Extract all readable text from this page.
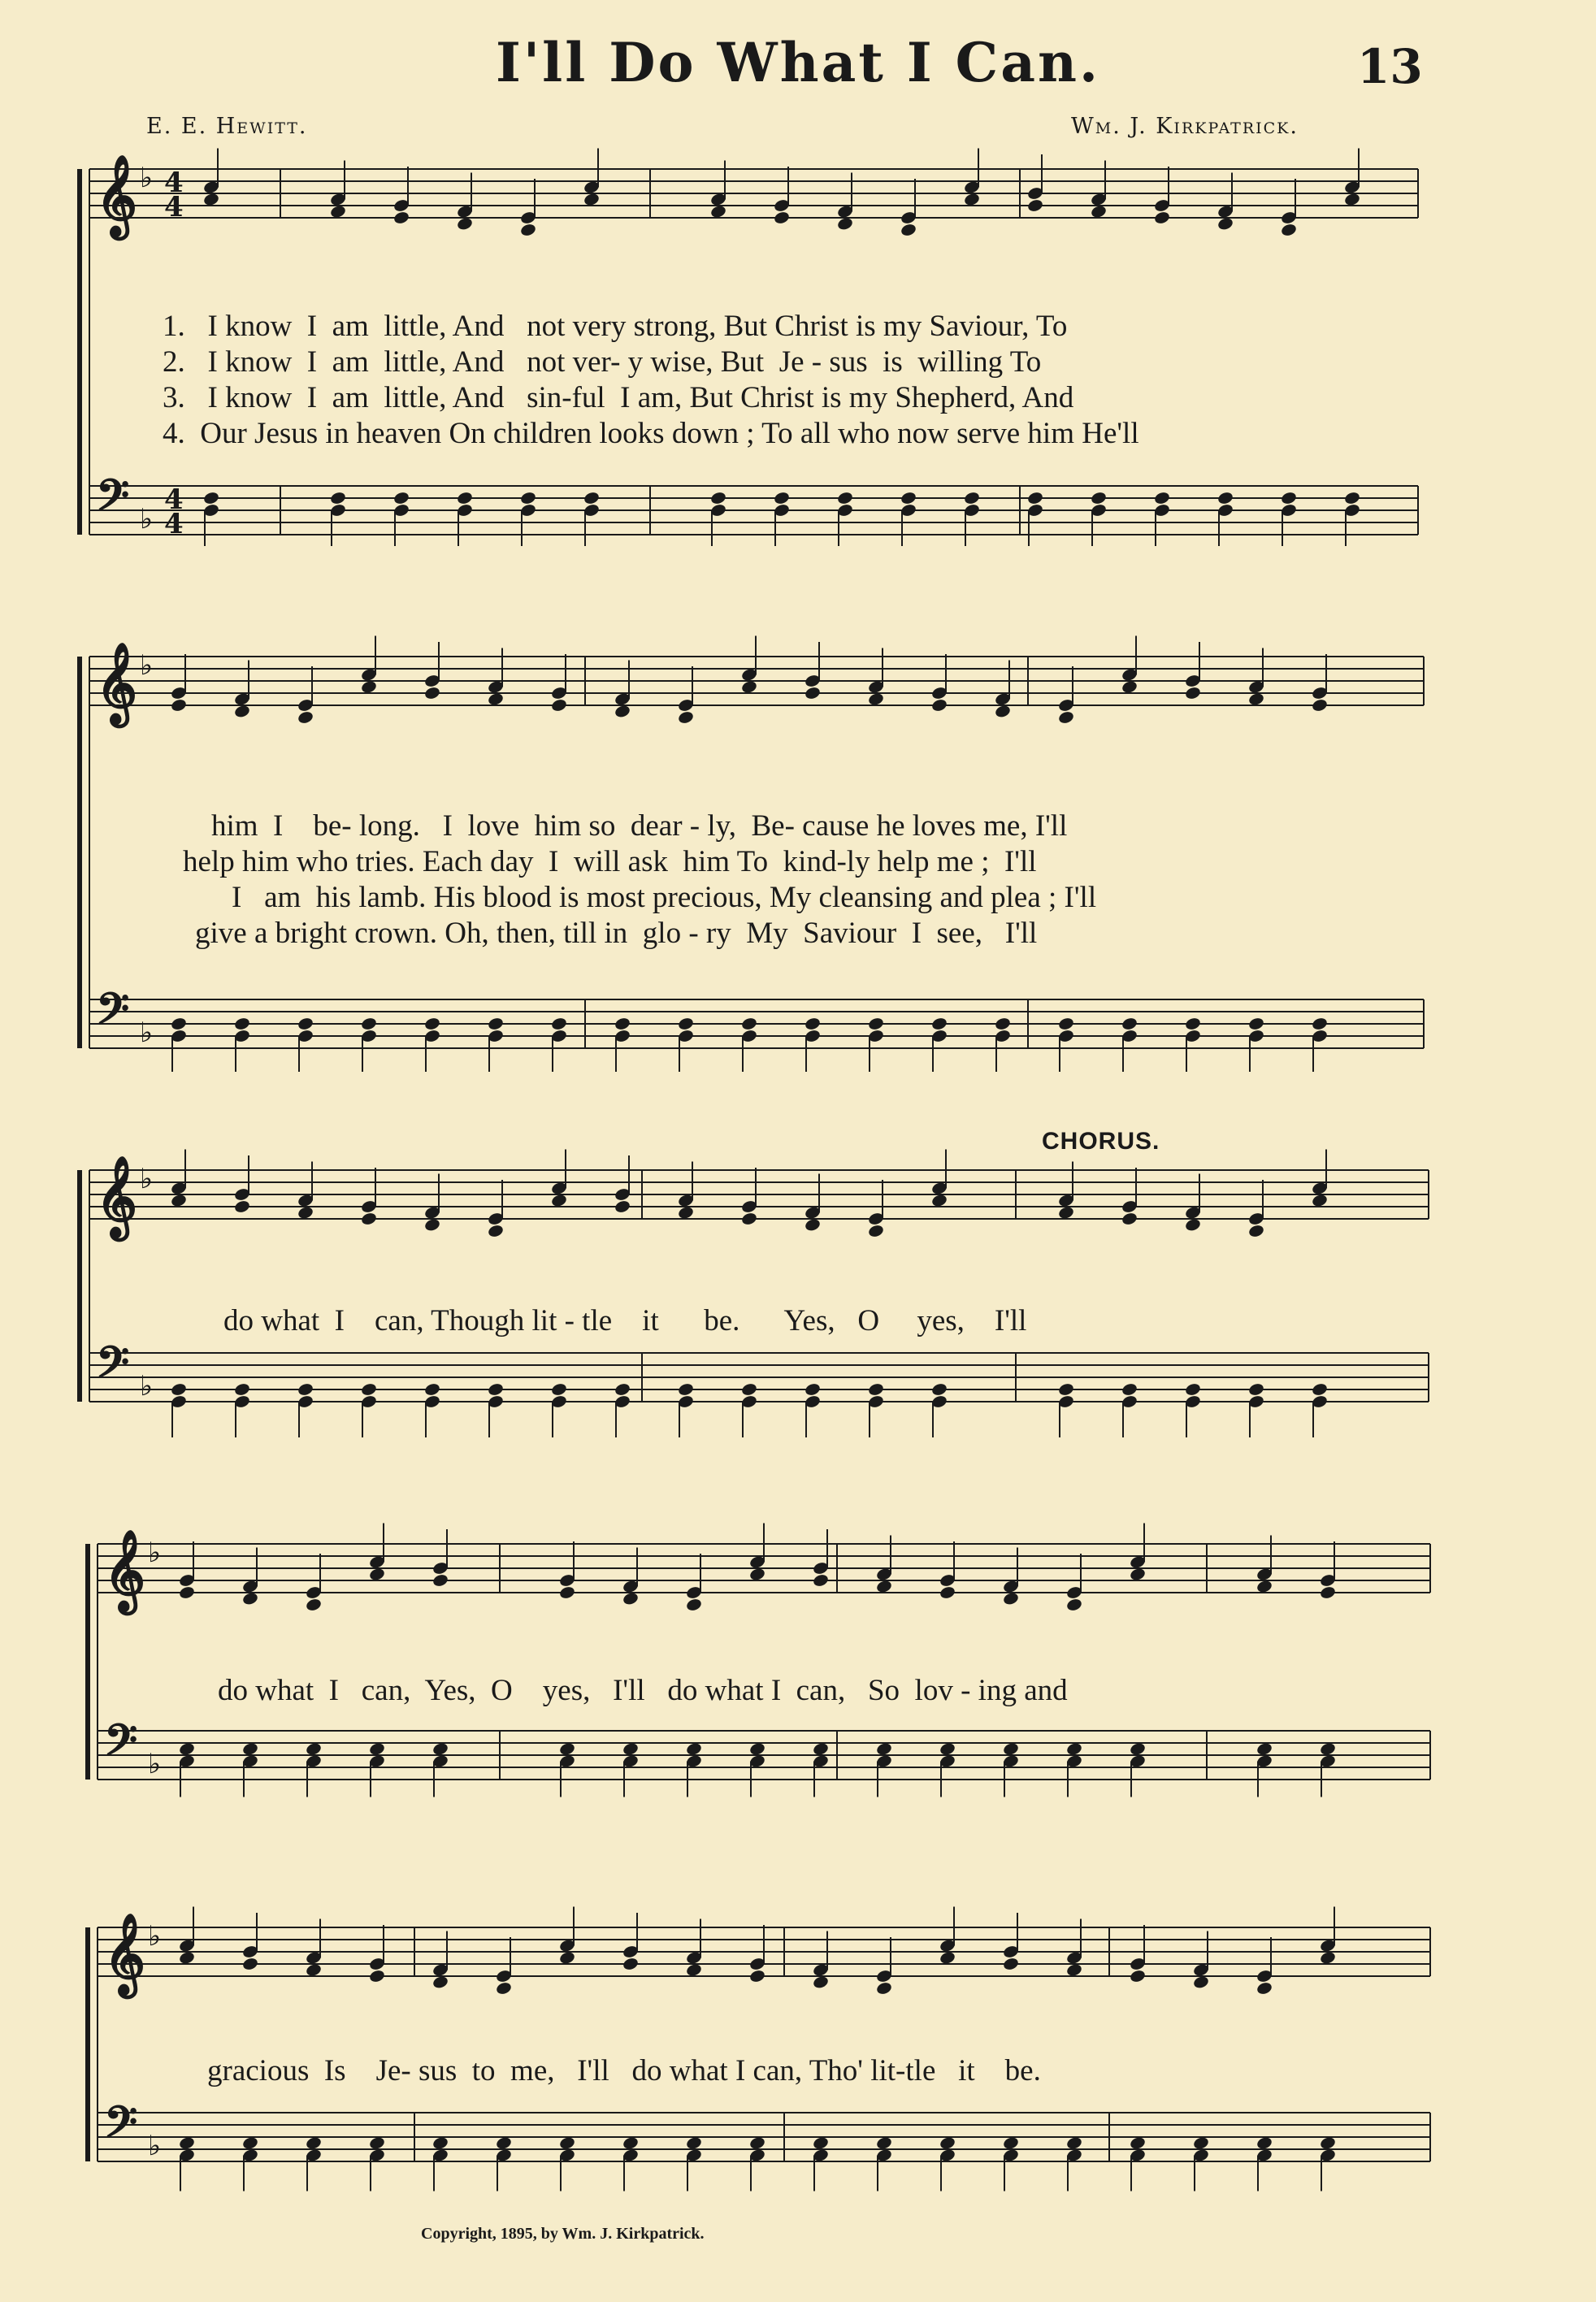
I'll Do What I Can.	13
E. E. Hewitt.	Wm. J. Kirkpatrick.
𝄞
𝄢
♭
♭
4
4
4
4
𝄞
𝄢
♭
♭
𝄞
𝄢
♭
♭
𝄞
𝄢
♭
♭
𝄞
𝄢
♭
♭
1.   I know  I  am  little, And   not very strong, But Christ is my Saviour, To
2.   I know  I  am  little, And   not ver- y wise, But  Je - sus  is  willing To
3.   I know  I  am  little, And   sin-ful  I am, But Christ is my Shepherd, And
4.  Our Jesus in heaven On children looks down ; To all who now serve him He'll
him  I    be- long.   I  love  him so  dear - ly,  Be- cause he loves me, I'll
help him who tries. Each day  I  will ask  him To  kind-ly help me ;  I'll
I   am  his lamb. His blood is most precious, My cleansing and plea ; I'll
give a bright crown. Oh, then, till in  glo - ry  My  Saviour  I  see,   I'll
CHORUS.
do what  I    can, Though lit - tle    it      be.      Yes,   O     yes,    I'll
do what  I   can,  Yes,  O    yes,   I'll   do what I  can,   So  lov - ing and
gracious  Is    Je- sus  to  me,   I'll   do what I can, Tho' lit-tle   it    be.
Copyright, 1895, by Wm. J. Kirkpatrick.
